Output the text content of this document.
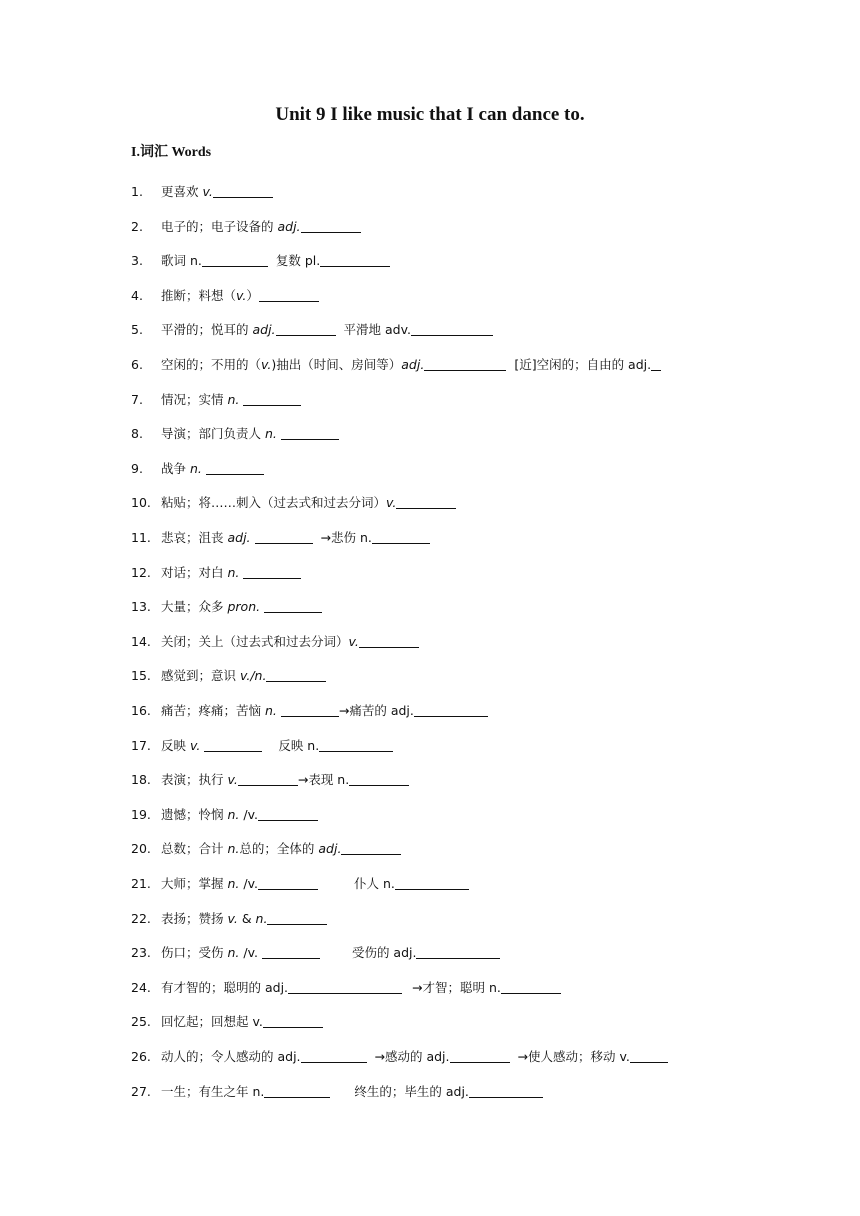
Unit 9 I like music that I can dance to.
I.词汇 Words
1. 更喜欢 v.
2. 电子的；电子设备的 adj.
3. 歌词 n.	复数 pl.
4. 推断；料想（v.）
5. 平滑的；悦耳的 adj.	平滑地 adv.
6. 空闲的；不用的（v.)抽出（时间、房间等）adj.	[近]空闲的；自由的 adj.
7. 情况；实情 n.
8. 导演；部门负责人 n.
9. 战争 n.
10. 粘贴；将……刺入（过去式和过去分词）v.
11. 悲哀；沮丧 adj.	→悲伤 n.
12. 对话；对白 n.
13. 大量；众多 pron.
14. 关闭；关上（过去式和过去分词）v.
15. 感觉到；意识 v./n.
16. 痛苦；疼痛；苦恼 n.	→痛苦的 adj.
17. 反映 v.	反映 n.
18. 表演；执行 v.	→表现 n.
19. 遗憾；怜悯 n. /v.
20. 总数；合计 n.总的；全体的 adj.
21. 大师；掌握 n. /v.	仆人 n.
22. 表扬；赞扬 v. & n.
23. 伤口；受伤 n. /v.	受伤的 adj.
24. 有才智的；聪明的 adj.	→才智；聪明 n.
25. 回忆起；回想起 v.
26. 动人的；令人感动的 adj.	→感动的 adj.	→使人感动；移动 v.
27. 一生；有生之年 n.	终生的；毕生的 adj.
